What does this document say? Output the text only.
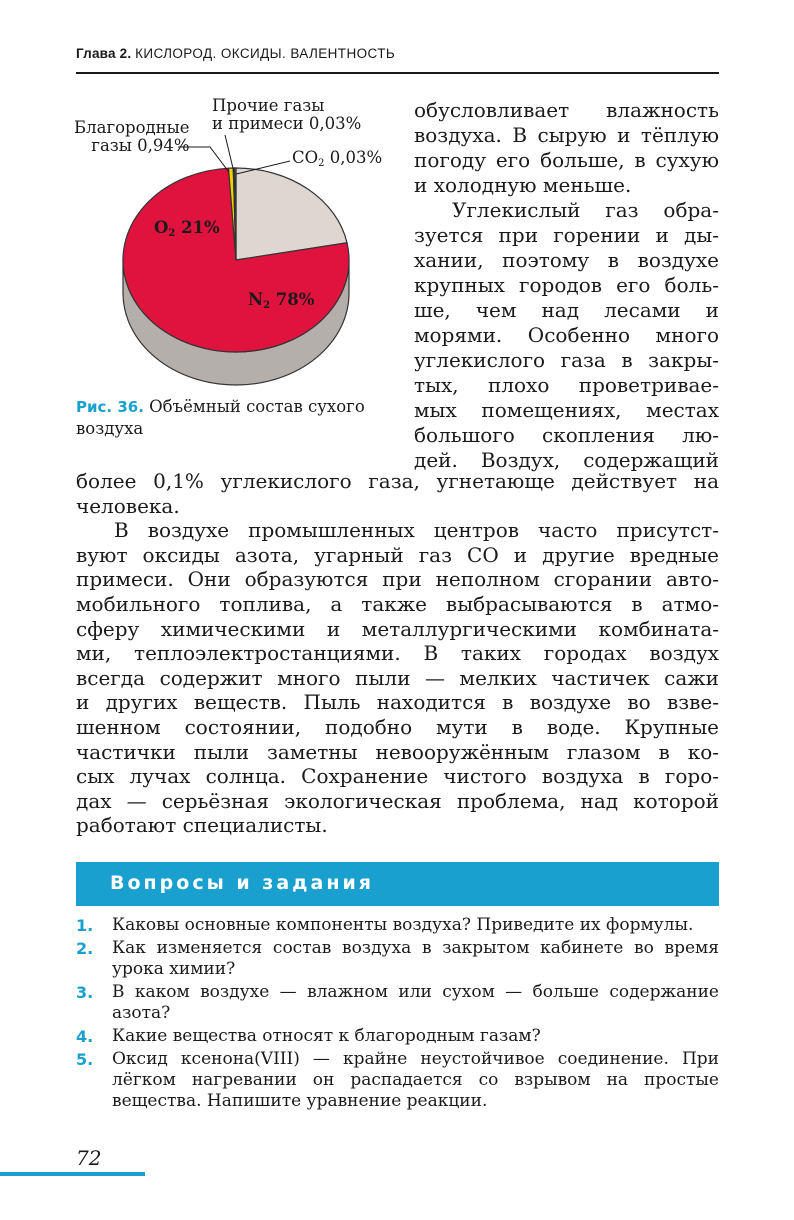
Глава 2. КИСЛОРОД. ОКСИДЫ. ВАЛЕНТНОСТЬ
Благородные
газы 0,94%
Прочие газы
и примеси 0,03%
$CO_2$ 0,03%
$O_2$ 21%
$N_2$ 78%
Рис. 36. Объёмный состав сухого воздуха

обусловливает влажность

воздуха. В сырую и тёплую

погоду его больше, в сухую

и холодную меньше.

Углекислый газ обра-

зуется при горении и ды-

хании, поэтому в воздухе

крупных городов его боль-

ше, чем над лесами и

морями. Особенно много

углекислого газа в закры-

тых, плохо проветривае-

мых помещениях, местах

большого скопления лю-

дей. Воздух, содержащий

более 0,1% углекислого газа, угнетающе действует на
человека.
В воздухе промышленных центров часто присутст-
вуют оксиды азота, угарный газ СО и другие вредные
примеси. Они образуются при неполном сгорании авто-
мобильного топлива, а также выбрасываются в атмо-
сферу химическими и металлургическими комбината-
ми, теплоэлектростанциями. В таких городах воздух
всегда содержит много пыли — мелких частичек сажи
и других веществ. Пыль находится в воздухе во взве-
шенном состоянии, подобно мути в воде. Крупные
частички пыли заметны невооружённым глазом в ко-
сых лучах солнца. Сохранение чистого воздуха в горо-
дах — серьёзная экологическая проблема, над которой
работают специалисты.
Вопросы и задания
1. Каковы основные компоненты воздуха? Приведите их формулы.
2. Как изменяется состав воздуха в закрытом кабинете во время урока химии?
3. В каком воздухе — влажном или сухом — больше содержание азота?
4. Какие вещества относят к благородным газам?
5. Оксид ксенона(VIII) — крайне неустойчивое соединение. При лёгком нагревании он распадается со взрывом на простые вещества. Напишите уравнение реакции.
72
